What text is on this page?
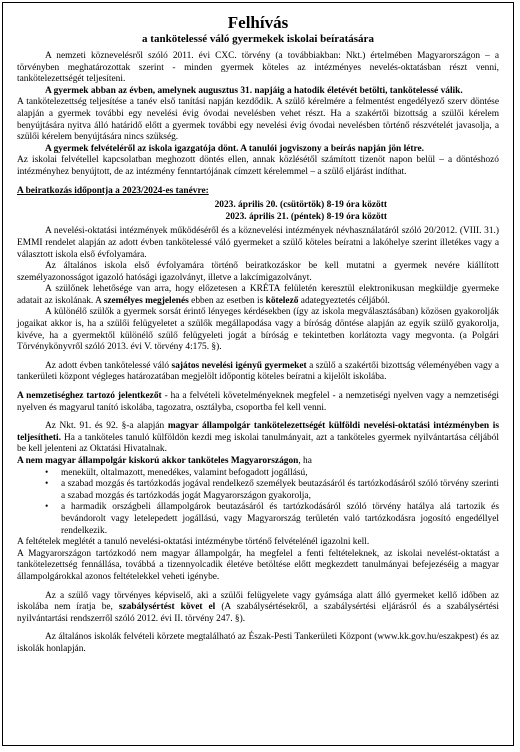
Felhívás
a tankötelessé váló gyermekek iskolai beíratására

A nemzeti köznevelésről szóló 2011. évi CXC. törvény (a továbbiakban: Nkt.) értelmében Magyarországon – a törvényben meghatározottak szerint - minden gyermek köteles az intézményes nevelés-oktatásban részt venni, tankötelezettségét teljesíteni.

A gyermek abban az évben, amelynek augusztus 31. napjáig a hatodik életévét betölti, tankötelessé válik.
A tankötelezettség teljesítése a tanév első tanítási napján kezdődik. A szülő kérelmére a felmentést engedélyező szerv döntése alapján a gyermek további egy nevelési évig óvodai nevelésben vehet részt. Ha a szakértői bizottság a szülői kérelem benyújtására nyitva álló határidő előtt a gyermek további egy nevelési évig óvodai nevelésben történő részvételét javasolja, a szülői kérelem benyújtására nincs szükség.

A gyermek felvételéről az iskola igazgatója dönt. A tanulói jogviszony a beírás napján jön létre.
Az iskolai felvétellel kapcsolatban meghozott döntés ellen, annak közlésétől számított tizenöt napon belül – a döntéshozó intézményhez benyújtott, de az intézmény fenntartójának címzett kérelemmel – a szülő eljárást indíthat.

A beiratkozás időpontja a 2023/2024-es tanévre:

2023. április 20. (csütörtök) 8-19 óra között

2023. április 21. (péntek) 8-19 óra között

A nevelési-oktatási intézmények működéséről és a köznevelési intézmények névhasználatáról szóló 20/2012. (VIII. 31.) EMMI rendelet alapján az adott évben tankötelessé váló gyermeket a szülő köteles beíratni a lakóhelye szerint illetékes vagy a választott iskola első évfolyamára.

Az általános iskola első évfolyamára történő beiratkozáskor be kell mutatni a gyermek nevére kiállított személyazonosságot igazoló hatósági igazolványt, illetve a lakcímigazolványt.

A szülőnek lehetősége van arra, hogy előzetesen a KRÉTA felületén keresztül elektronikusan megküldje gyermeke adatait az iskolának. A személyes megjelenés ebben az esetben is kötelező adategyeztetés céljából.

A különélő szülők a gyermek sorsát érintő lényeges kérdésekben (így az iskola megválasztásában) közösen gyakorolják jogaikat akkor is, ha a szülői felügyeletet a szülők megállapodása vagy a bíróság döntése alapján az egyik szülő gyakorolja, kivéve, ha a gyermektől különélő szülő felügyeleti jogát a bíróság e tekintetben korlátozta vagy megvonta. (a Polgári Törvénykönyvről szóló 2013. évi V. törvény 4:175. §).

Az adott évben tankötelessé váló sajátos nevelési igényű gyermeket a szülő a szakértői bizottság véleményében vagy a tankerületi központ végleges határozatában megjelölt időpontig köteles beíratni a kijelölt iskolába.

A nemzetiséghez tartozó jelentkezőt - ha a felvételi követelményeknek megfelel - a nemzetiségi nyelven vagy a nemzetiségi nyelven és magyarul tanító iskolába, tagozatra, osztályba, csoportba fel kell venni.

Az Nkt. 91. és 92. §-a alapján magyar állampolgár tankötelezettségét külföldi nevelési-oktatási intézményben is teljesítheti. Ha a tanköteles tanuló külföldön kezdi meg iskolai tanulmányait, azt a tanköteles gyermek nyilvántartása céljából be kell jelenteni az Oktatási Hivatalnak.

A nem magyar állampolgár kiskorú akkor tanköteles Magyarországon, ha

• menekült, oltalmazott, menedékes, valamint befogadott jogállású,
• a szabad mozgás és tartózkodás jogával rendelkező személyek beutazásáról és tartózkodásáról szóló törvény szerinti a szabad mozgás és tartózkodás jogát Magyarországon gyakorolja,
• a harmadik országbeli állampolgárok beutazásáról és tartózkodásáról szóló törvény hatálya alá tartozik és bevándorolt vagy letelepedett jogállású, vagy Magyarország területén való tartózkodásra jogosító engedéllyel rendelkezik.

A feltételek meglétét a tanuló nevelési-oktatási intézménybe történő felvételénél igazolni kell.

A Magyarországon tartózkodó nem magyar állampolgár, ha megfelel a fenti feltételeknek, az iskolai nevelést-oktatást a tankötelezettség fennállása, továbbá a tizennyolcadik életéve betöltése előtt megkezdett tanulmányai befejezéséig a magyar állampolgárokkal azonos feltételekkel veheti igénybe.

Az a szülő vagy törvényes képviselő, aki a szülői felügyelete vagy gyámsága alatt álló gyermeket kellő időben az iskolába nem íratja be, szabálysértést követ el (A szabálysértésekről, a szabálysértési eljárásról és a szabálysértési nyilvántartási rendszerről szóló 2012. évi II. törvény 247. §).

Az általános iskolák felvételi körzete megtalálható az Észak-Pesti Tankerületi Központ (www.kk.gov.hu/eszakpest) és az iskolák honlapján.
